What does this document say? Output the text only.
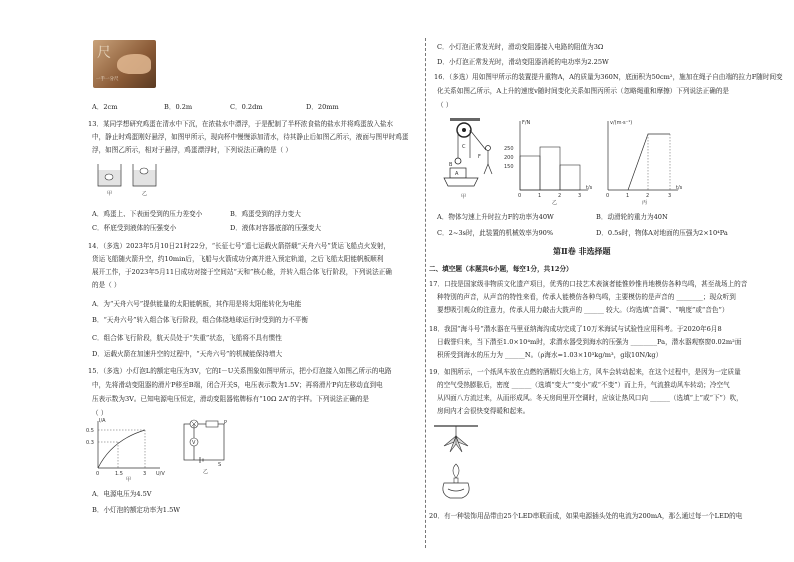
尺
一手一分尺
A．2cm	B．0.2m	C．0.2dm	D．20mm
13．某同学想研究鸡蛋在清水中下沉，在浓盐水中漂浮，于是配制了半杯浓食盐的盐水并将鸡蛋放入盐水
中，静止时鸡蛋刚好悬浮，如图甲所示，现向杯中慢慢添加清水，待其静止后如图乙所示，液面与图甲时鸡蛋
浮，如图乙所示，相对于悬浮，鸡蛋漂浮时，下列说法正确的是（ ）
甲	乙
A．鸡蛋上、下表面受到的压力差变小	B．鸡蛋受到的浮力变大
C．杯底受到液体的压强变小	D．液体对容器底部的压强变大
14．（多选）2023年5月10日21时22分，“长征七号”遥七运载火箭搭载“天舟六号”货运飞船点火发射，
货运飞船随火箭升空，约10min后，飞船与火箭成功分离并进入预定轨道，之后飞船太阳能帆板顺利
展开工作，于2023年5月11日成功对接于空间站“天和”核心舱，并转入组合体飞行阶段，下列说法正确
的是（ ）
A．为“天舟六号”提供能量的太阳能帆板，其作用是将太阳能转化为电能
B．“天舟六号”转入组合体飞行阶段，组合体绕地球运行时受到的力不平衡
C．组合体飞行阶段，航天员处于“失重”状态，飞船将不具有惯性
D．运载火箭在加速升空的过程中，“天舟六号”的机械能保持增大
15．（多选）小灯泡L的额定电压为3V，它的I－U关系图象如图甲所示，把小灯泡接入如图乙所示的电路
中，先将滑动变阻器的滑片P移至B端，闭合开关S，电压表示数为1.5V；再将滑片P向左移动直到电
压表示数为3V。已知电源电压恒定，滑动变阻器铭牌标有“10Ω 2A”的字样。下列说法正确的是
（ ）
I/A
U/V
0.5
0.3
0	1.5	3
甲
V
P
S
乙
A．电源电压为4.5V
B．小灯泡的额定功率为1.5W
C．小灯泡正常发光时，滑动变阻器接入电路的阻值为3Ω
D．小灯泡正常发光时，滑动变阻器消耗的电功率为2.25W
16．（多选）用如图甲所示的装置提升重物A，A的质量为360N，底面积为50cm²，施加在绳子自由端的拉力F随时间变
化关系如图乙所示，A上升的速度v随时间变化关系如图丙所示（忽略绳重和摩擦）下列说法正确的是
（ ）
B
C
A
F
甲
F/N
250
200
150
0	1	2	3
t/s
乙
v/(m·s⁻¹)
0	1	2	3
t/s
丙
A．物体匀速上升时拉力F的功率为40W	B．动滑轮的重力为40N
C．2~3s时，此装置的机械效率为90%	D．0.5s时，物体A对地面的压强为2×10⁴Pa
第Ⅱ卷 非选择题
二、填空题（本题共6小题，每空1分，共12分）
17．口技是国家级非物质文化遗产项目，优秀的口技艺术表演者能惟妙惟肖地模仿各种鸟鸣，甚至战场上的音
种特别的声音，从声音的特性来看，传承人能模仿各种鸟鸣，主要模仿的是声音的 ________；现众听到
要想吸引观众的注意力，传承人用力敲击大鼓声的 ______ 较大。（均选填“音调”、“响度”或“音色”）
18．我国“海斗号”潜水器在马里亚纳海沟成功完成了10万米海试与试验性应用科考。于2020年6月8
日载誉归来，当下潜至1.0×10⁴m时，求潜水器受到海水的压强为 ________Pa，潜水器观察窗0.02m²面
积所受到海水的压力为 ______N。（ρ海水=1.03×10³kg/m³，g取10N/kg）
19．如图所示，一个纸风车放在点燃的酒精灯火焰上方，风车会转动起来，在这个过程中，是因为一定质量
的空气受热膨胀后，密度 ______（选填“变大”“变小”或“不变”）而上升，气流推动风车转动；冷空气
从四面八方流过来，从而形成风。冬天房间里开空调时，应该让热风口向 ______（选填“上”或“下”）吹，
房间内才会很快变得暖和起来。
20．有一种装饰用品带由25个LED串联而成，如果电源插头处的电流为200mA，那么通过每一个LED的电
